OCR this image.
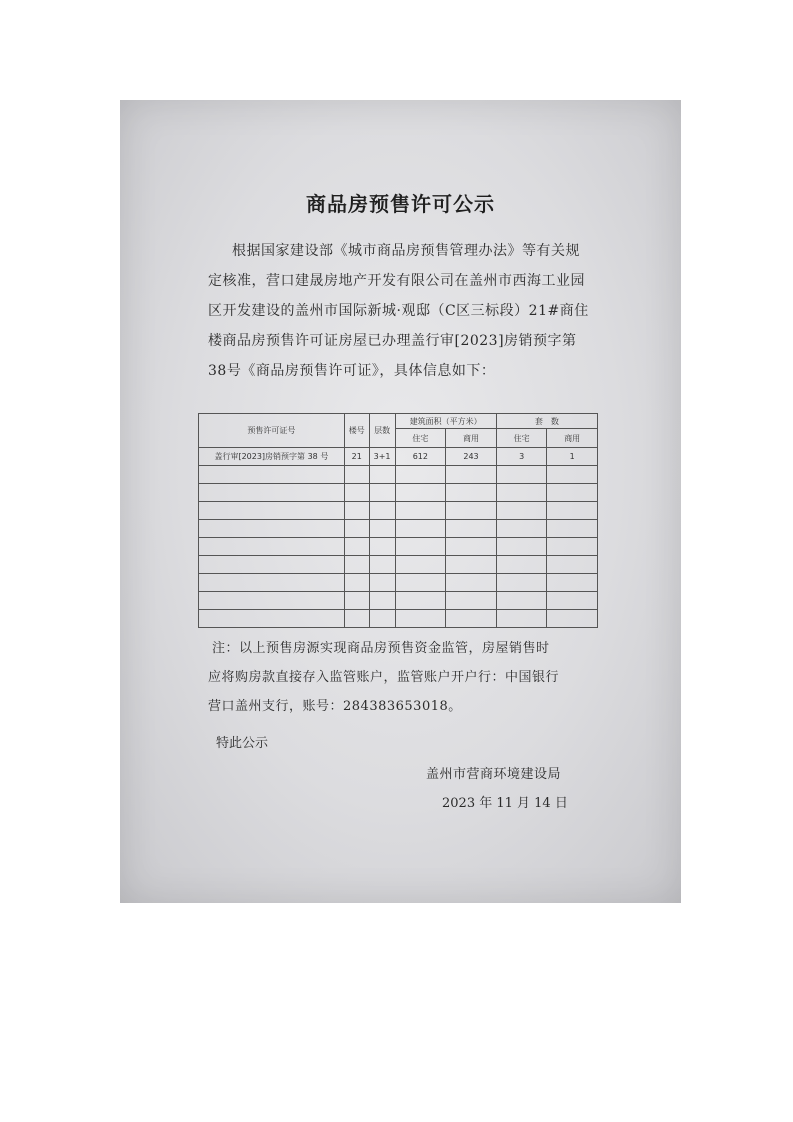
商品房预售许可公示
根据国家建设部《城市商品房预售管理办法》等有关规
定核准，营口建晟房地产开发有限公司在盖州市西海工业园
区开发建设的盖州市国际新城·观邸（C区三标段）21#商住
楼商品房预售许可证房屋已办理盖行审[2023]房销预字第
38号《商品房预售许可证》，具体信息如下：
预售许可证号	楼号	层数	建筑面积（平方米）		套　数	
			住宅	商用	住宅	商用
盖行审[2023]房销预字第 38 号	21	3+1	612	243	3	1

注：以上预售房源实现商品房预售资金监管，房屋销售时
应将购房款直接存入监管账户，监管账户开户行：中国银行
营口盖州支行，账号：284383653018。
特此公示
盖州市营商环境建设局
2023 年 11 月 14 日
